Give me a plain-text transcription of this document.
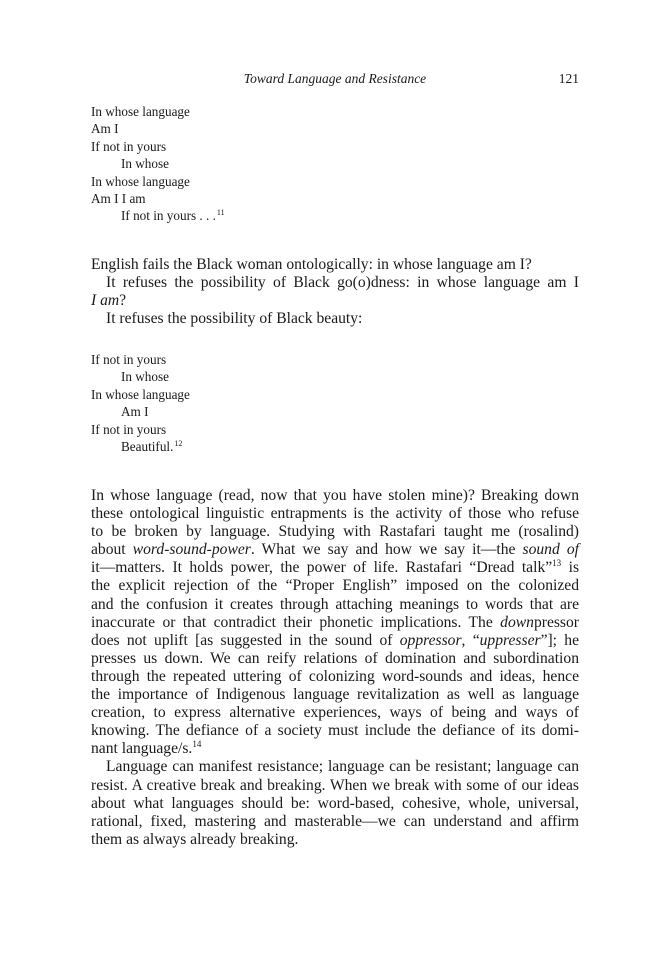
Toward Language and Resistance	121
In whose language
Am I
If not in yours
In whose
In whose language
Am I I am
If not in yours . . .$^{11}$
English fails the Black woman ontologically: in whose language am I?
It refuses the possibility of Black go(o)dness: in whose language am I
I am?
It refuses the possibility of Black beauty:
If not in yours
In whose
In whose language
Am I
If not in yours
Beautiful.$^{12}$
In whose language (read, now that you have stolen mine)? Breaking down
these ontological linguistic entrapments is the activity of those who refuse
to be broken by language. Studying with Rastafari taught me (rosalind)
about word-sound-power. What we say and how we say it—the sound of
it—matters. It holds power, the power of life. Rastafari “Dread talk”$^{13}$ is
the explicit rejection of the “Proper English” imposed on the colonized
and the confusion it creates through attaching meanings to words that are
inaccurate or that contradict their phonetic implications. The downpressor
does not uplift [as suggested in the sound of oppressor, “uppresser”]; he
presses us down. We can reify relations of domination and subordination
through the repeated uttering of colonizing word-sounds and ideas, hence
the importance of Indigenous language revitalization as well as language
creation, to express alternative experiences, ways of being and ways of
knowing. The defiance of a society must include the defiance of its domi-
nant language/s.$^{14}$
Language can manifest resistance; language can be resistant; language can
resist. A creative break and breaking. When we break with some of our ideas
about what languages should be: word-based, cohesive, whole, universal,
rational, fixed, mastering and masterable—we can understand and affirm
them as always already breaking.
